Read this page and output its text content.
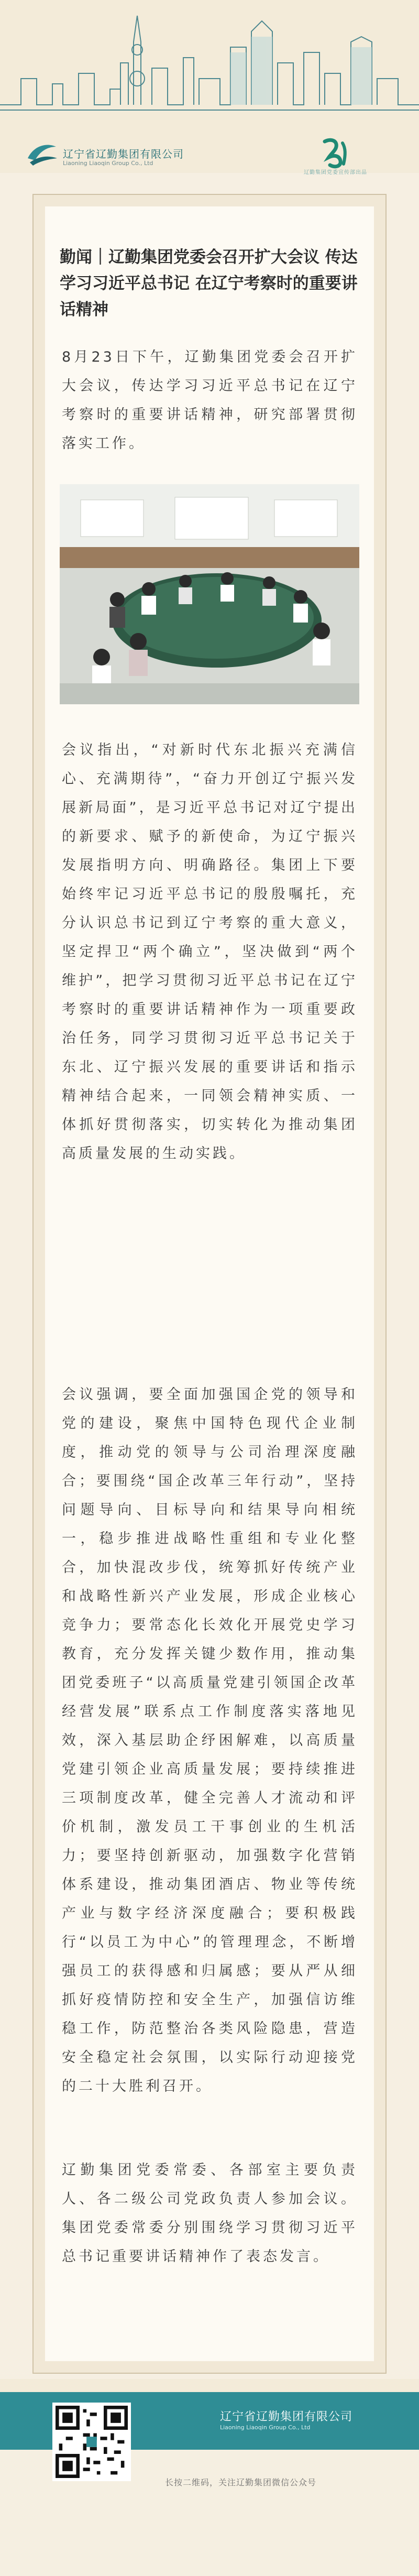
辽宁省辽勤集团有限公司
Liaoning Liaoqin Group Co., Ltd
辽勤集团党委宣传部出品
勤闻｜辽勤集团党委会召开扩大会议 传达学习习近平总书记 在辽宁考察时的重要讲话精神
8月23日下午，辽勤集团党委会召开扩大会议，传达学习习近平总书记在辽宁考察时的重要讲话精神，研究部署贯彻落实工作。
会议指出，“对新时代东北振兴充满信心、充满期待”，“奋力开创辽宁振兴发展新局面”，是习近平总书记对辽宁提出的新要求、赋予的新使命，为辽宁振兴发展指明方向、明确路径。集团上下要始终牢记习近平总书记的殷殷嘱托，充分认识总书记到辽宁考察的重大意义，坚定捍卫“两个确立”，坚决做到“两个维护”，把学习贯彻习近平总书记在辽宁考察时的重要讲话精神作为一项重要政治任务，同学习贯彻习近平总书记关于东北、辽宁振兴发展的重要讲话和指示精神结合起来，一同领会精神实质、一体抓好贯彻落实，切实转化为推动集团高质量发展的生动实践。
会议强调，要全面加强国企党的领导和党的建设，聚焦中国特色现代企业制度，推动党的领导与公司治理深度融合；要围绕“国企改革三年行动”，坚持问题导向、目标导向和结果导向相统一，稳步推进战略性重组和专业化整合，加快混改步伐，统筹抓好传统产业和战略性新兴产业发展，形成企业核心竞争力；要常态化长效化开展党史学习教育，充分发挥关键少数作用，推动集团党委班子“以高质量党建引领国企改革经营发展”联系点工作制度落实落地见效，深入基层助企纾困解难，以高质量党建引领企业高质量发展；要持续推进三项制度改革，健全完善人才流动和评价机制，激发员工干事创业的生机活力；要坚持创新驱动，加强数字化营销体系建设，推动集团酒店、物业等传统产业与数字经济深度融合；要积极践行“以员工为中心”的管理理念，不断增强员工的获得感和归属感；要从严从细抓好疫情防控和安全生产，加强信访维稳工作，防范整治各类风险隐患，营造安全稳定社会氛围，以实际行动迎接党的二十大胜利召开。
辽勤集团党委常委、各部室主要负责人、各二级公司党政负责人参加会议。集团党委常委分别围绕学习贯彻习近平总书记重要讲话精神作了表态发言。
辽宁省辽勤集团有限公司
Liaoning Liaoqin Group Co., Ltd
长按二维码，关注辽勤集团微信公众号
